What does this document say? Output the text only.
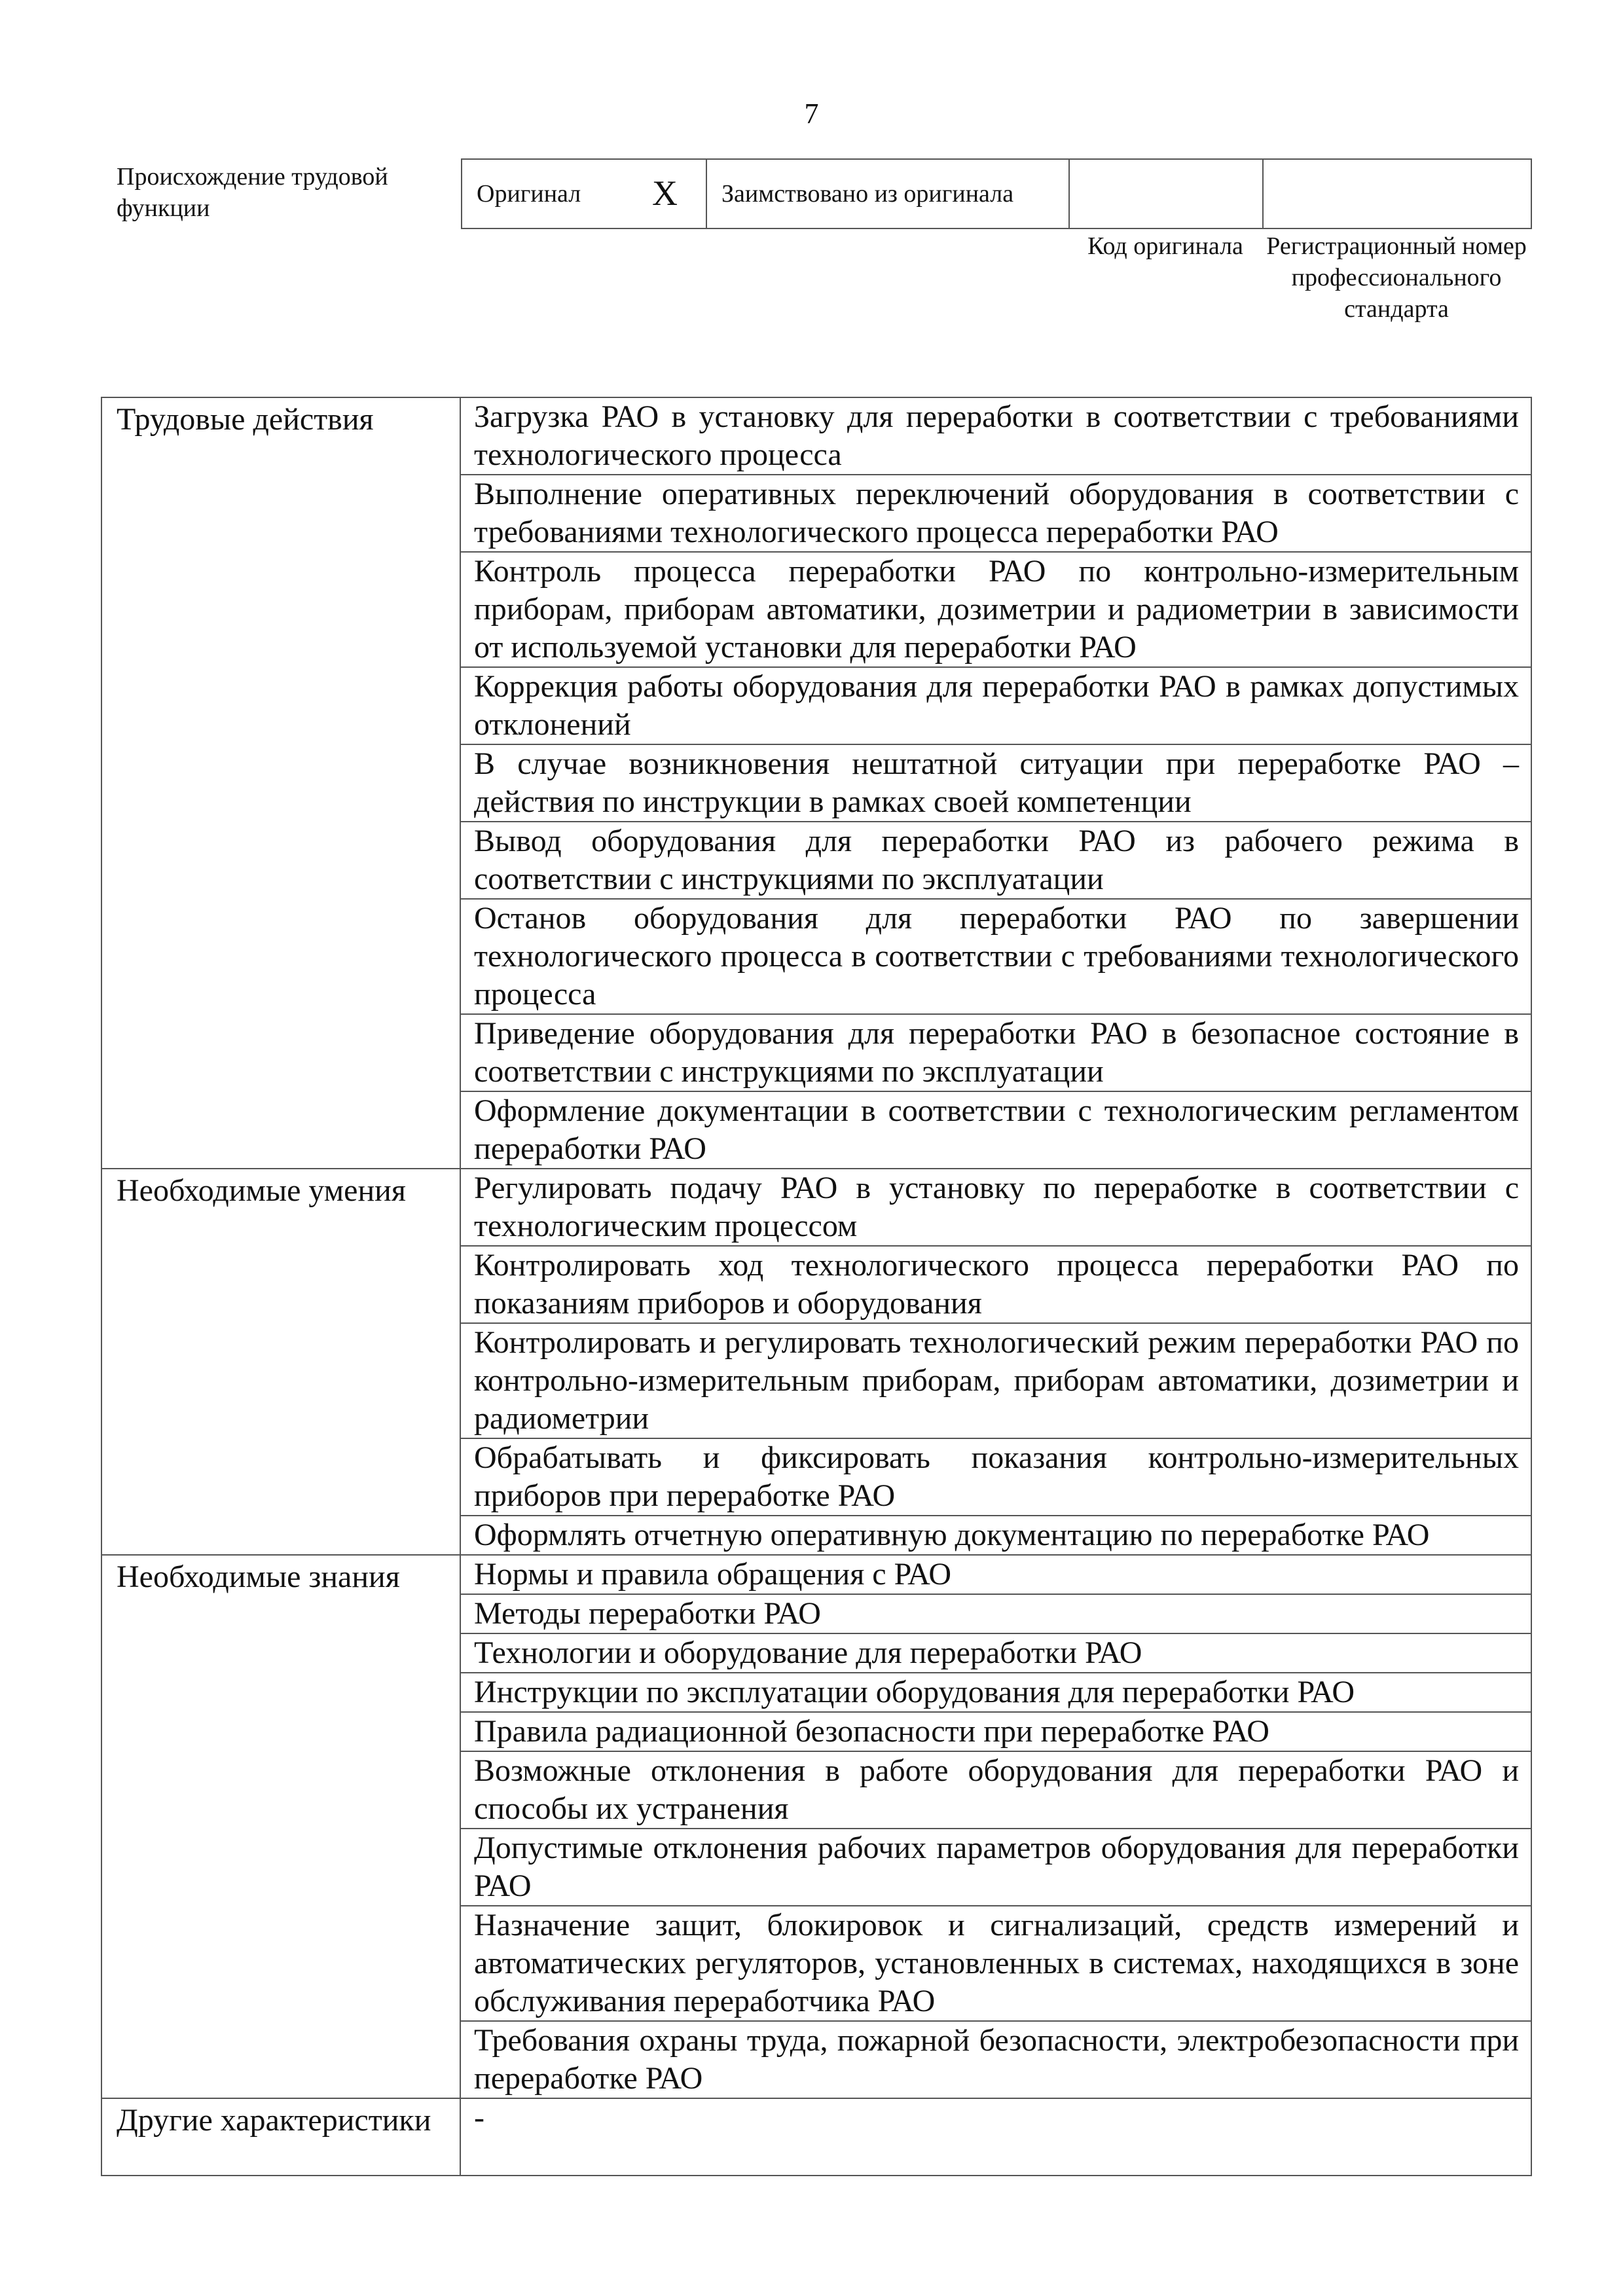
7
Происхождение трудовой функции
Оригинал X	Заимствовано из оригинала		
Код оригинала Регистрационный номер профессионального стандарта
Трудовые действия	Загрузка РАО в установку для переработки в соответствии с требованиями технологического процесса
	Выполнение оперативных переключений оборудования в соответствии с требованиями технологического процесса переработки РАО
	Контроль процесса переработки РАО по контрольно-измерительным приборам, приборам автоматики, дозиметрии и радиометрии в зависимости от используемой установки для переработки РАО
	Коррекция работы оборудования для переработки РАО в рамках допустимых отклонений
	В случае возникновения нештатной ситуации при переработке РАО – действия по инструкции в рамках своей компетенции
	Вывод оборудования для переработки РАО из рабочего режима в соответствии с инструкциями по эксплуатации
	Останов оборудования для переработки РАО по завершении технологического процесса в соответствии с требованиями технологического процесса
	Приведение оборудования для переработки РАО в безопасное состояние в соответствии с инструкциями по эксплуатации
	Оформление документации в соответствии с технологическим регламентом переработки РАО
Необходимые умения	Регулировать подачу РАО в установку по переработке в соответствии с технологическим процессом
	Контролировать ход технологического процесса переработки РАО по показаниям приборов и оборудования
	Контролировать и регулировать технологический режим переработки РАО по контрольно-измерительным приборам, приборам автоматики, дозиметрии и радиометрии
	Обрабатывать и фиксировать показания контрольно-измерительных приборов при переработке РАО
	Оформлять отчетную оперативную документацию по переработке РАО
Необходимые знания	Нормы и правила обращения с РАО
	Методы переработки РАО
	Технологии и оборудование для переработки РАО
	Инструкции по эксплуатации оборудования для переработки РАО
	Правила радиационной безопасности при переработке РАО
	Возможные отклонения в работе оборудования для переработки РАО и способы их устранения
	Допустимые отклонения рабочих параметров оборудования для переработки РАО
	Назначение защит, блокировок и сигнализаций, средств измерений и автоматических регуляторов, установленных в системах, находящихся в зоне обслуживания переработчика РАО
	Требования охраны труда, пожарной безопасности, электробезопасности при переработке РАО
Другие характеристики	-
